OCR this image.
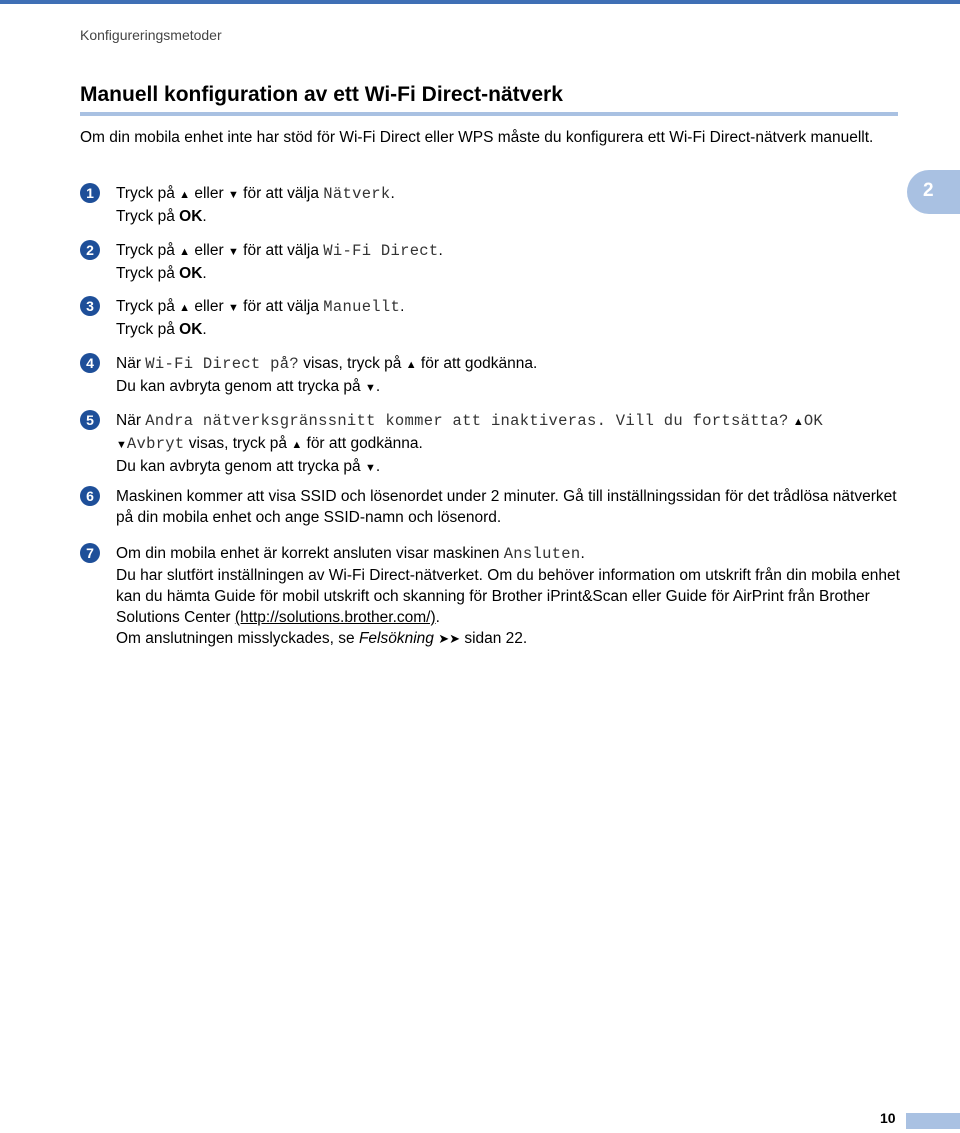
Konfigureringsmetoder
Manuell konfiguration av ett Wi-Fi Direct-nätverk
Om din mobila enhet inte har stöd för Wi-Fi Direct eller WPS måste du konfigurera ett Wi-Fi Direct-nätverk manuellt.
2
1	Tryck på ▲ eller ▼ för att välja Nätverk.
Tryck på OK.
2	Tryck på ▲ eller ▼ för att välja Wi-Fi Direct.
Tryck på OK.
3	Tryck på ▲ eller ▼ för att välja Manuellt.
Tryck på OK.
4	När Wi-Fi Direct på? visas, tryck på ▲ för att godkänna.
Du kan avbryta genom att trycka på ▼.
5	När Andra nätverksgränssnitt kommer att inaktiveras. Vill du fortsätta? ▲OK
▼Avbryt visas, tryck på ▲ för att godkänna.
Du kan avbryta genom att trycka på ▼.
6	Maskinen kommer att visa SSID och lösenordet under 2 minuter. Gå till inställningssidan för det trådlösa nätverket på din mobila enhet och ange SSID-namn och lösenord.
7	Om din mobila enhet är korrekt ansluten visar maskinen Ansluten.
Du har slutfört inställningen av Wi-Fi Direct-nätverket. Om du behöver information om utskrift från din mobila enhet kan du hämta Guide för mobil utskrift och skanning för Brother iPrint&Scan eller Guide för AirPrint från Brother Solutions Center (http://solutions.brother.com/).
Om anslutningen misslyckades, se Felsökning ➤➤ sidan 22.
10
